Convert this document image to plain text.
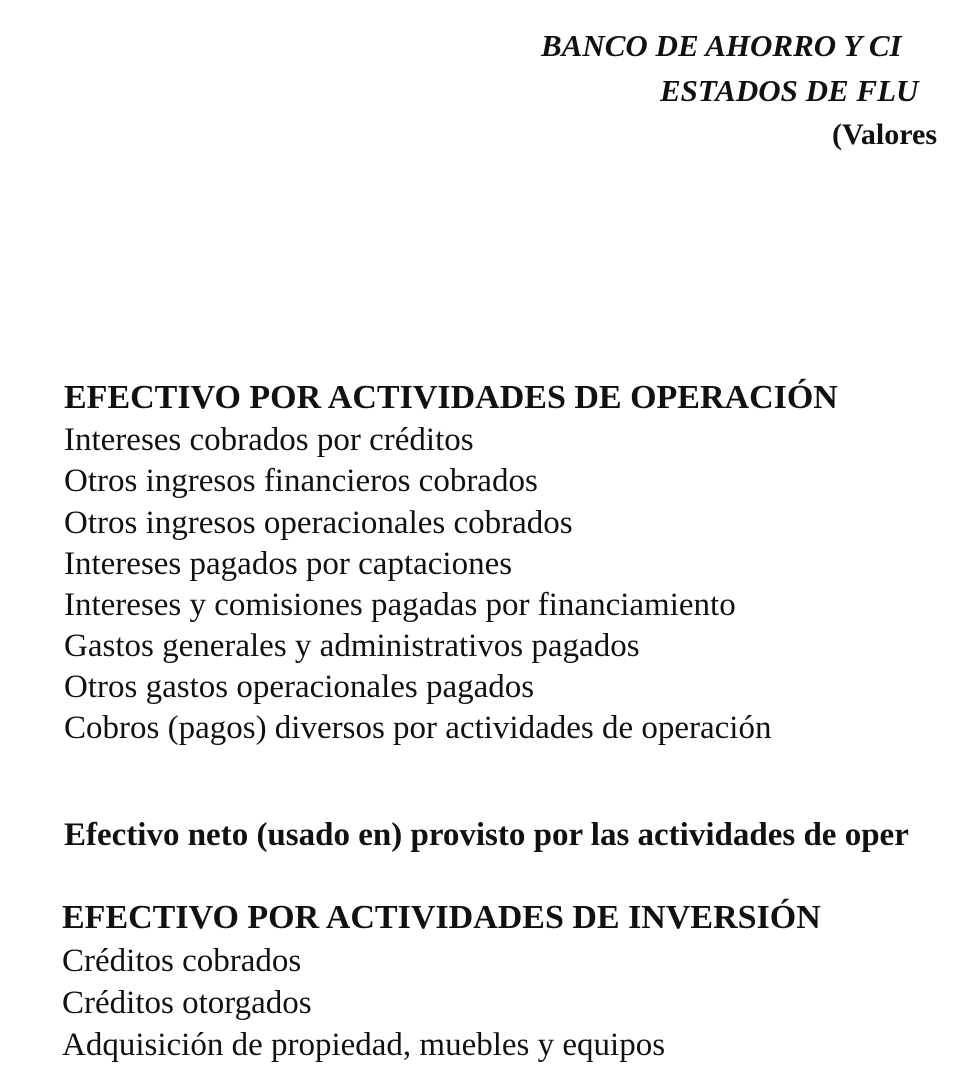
BANCO DE AHORRO Y CI

ESTADOS DE FLU

(Valores

EFECTIVO POR ACTIVIDADES DE OPERACIÓN

Intereses cobrados por créditos

Otros ingresos financieros cobrados

Otros ingresos operacionales cobrados

Intereses pagados por captaciones

Intereses y comisiones pagadas por financiamiento

Gastos generales y administrativos pagados

Otros gastos operacionales pagados

Cobros (pagos) diversos por actividades de operación

Efectivo neto (usado en) provisto por las actividades de oper

EFECTIVO POR ACTIVIDADES DE INVERSIÓN

Créditos cobrados

Créditos otorgados

Adquisición de propiedad, muebles y equipos
